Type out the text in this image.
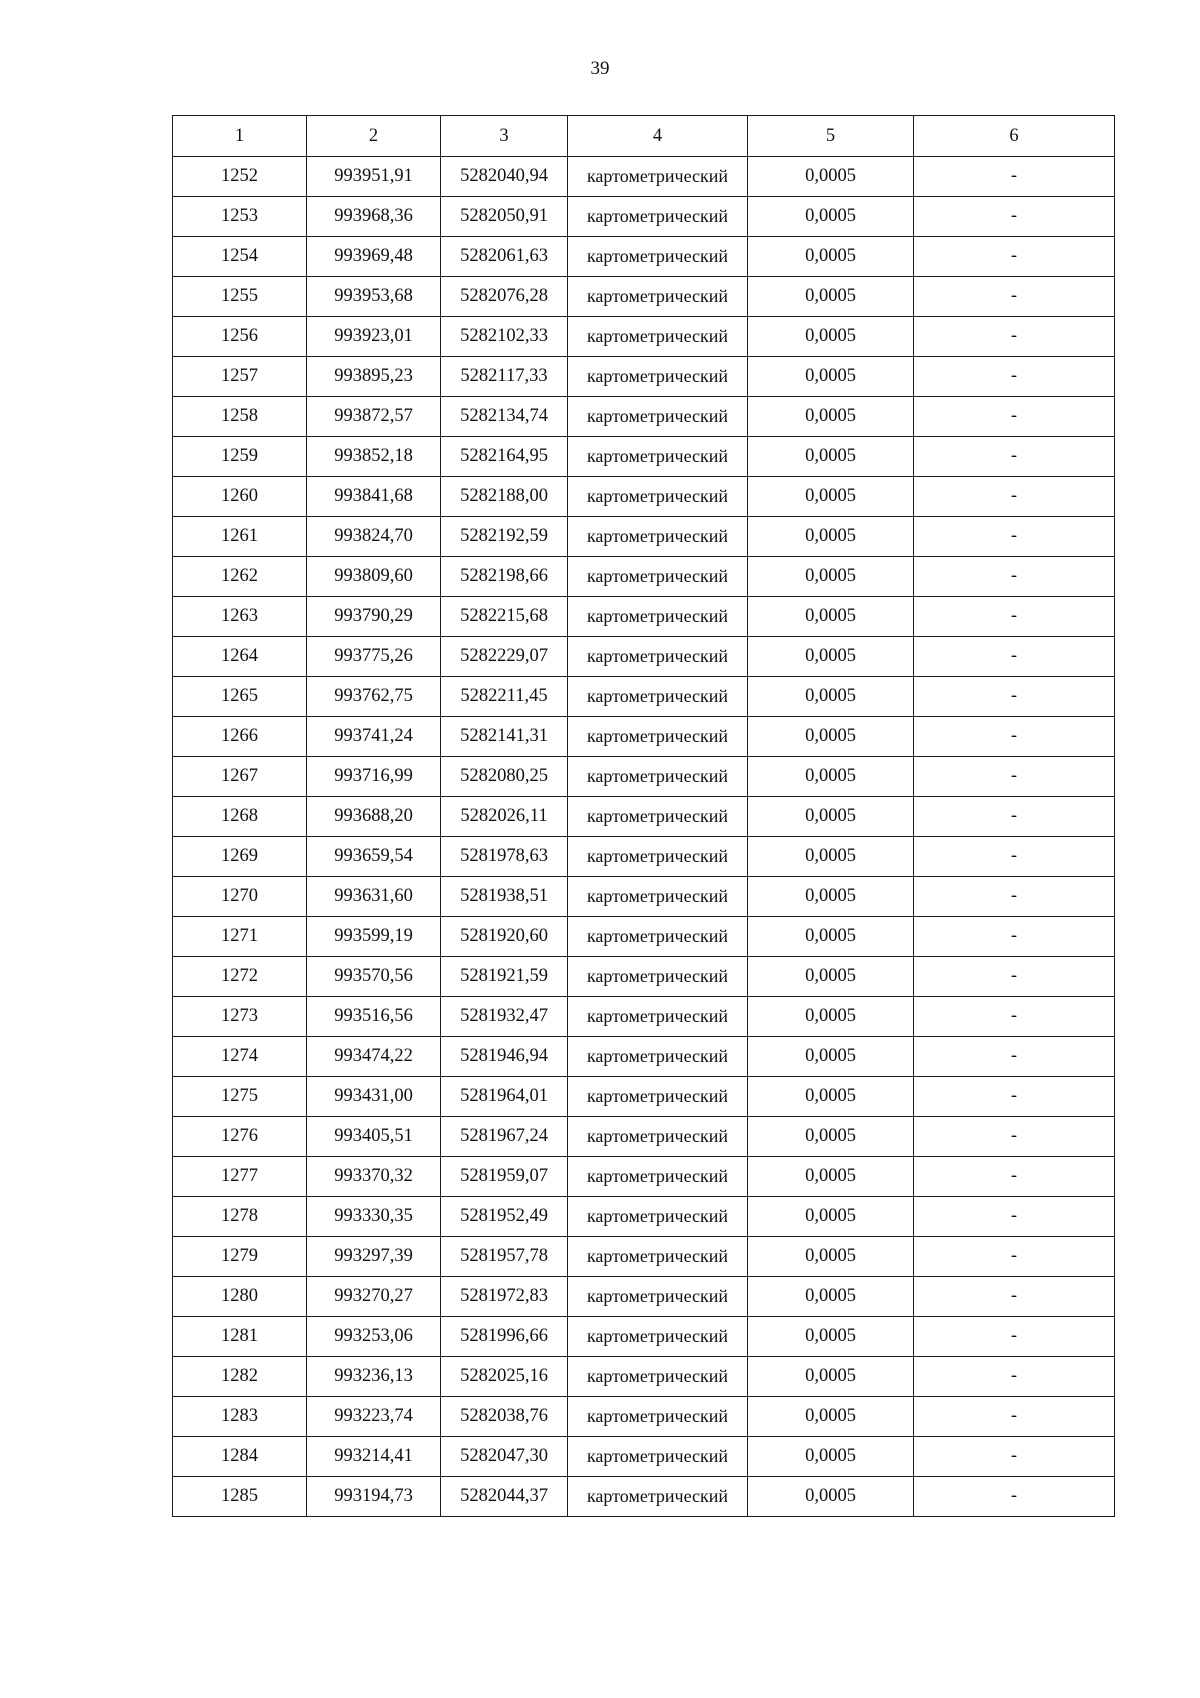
39
1	2	3	4	5	6
1252	993951,91	5282040,94	картометрический	0,0005	-
1253	993968,36	5282050,91	картометрический	0,0005	-
1254	993969,48	5282061,63	картометрический	0,0005	-
1255	993953,68	5282076,28	картометрический	0,0005	-
1256	993923,01	5282102,33	картометрический	0,0005	-
1257	993895,23	5282117,33	картометрический	0,0005	-
1258	993872,57	5282134,74	картометрический	0,0005	-
1259	993852,18	5282164,95	картометрический	0,0005	-
1260	993841,68	5282188,00	картометрический	0,0005	-
1261	993824,70	5282192,59	картометрический	0,0005	-
1262	993809,60	5282198,66	картометрический	0,0005	-
1263	993790,29	5282215,68	картометрический	0,0005	-
1264	993775,26	5282229,07	картометрический	0,0005	-
1265	993762,75	5282211,45	картометрический	0,0005	-
1266	993741,24	5282141,31	картометрический	0,0005	-
1267	993716,99	5282080,25	картометрический	0,0005	-
1268	993688,20	5282026,11	картометрический	0,0005	-
1269	993659,54	5281978,63	картометрический	0,0005	-
1270	993631,60	5281938,51	картометрический	0,0005	-
1271	993599,19	5281920,60	картометрический	0,0005	-
1272	993570,56	5281921,59	картометрический	0,0005	-
1273	993516,56	5281932,47	картометрический	0,0005	-
1274	993474,22	5281946,94	картометрический	0,0005	-
1275	993431,00	5281964,01	картометрический	0,0005	-
1276	993405,51	5281967,24	картометрический	0,0005	-
1277	993370,32	5281959,07	картометрический	0,0005	-
1278	993330,35	5281952,49	картометрический	0,0005	-
1279	993297,39	5281957,78	картометрический	0,0005	-
1280	993270,27	5281972,83	картометрический	0,0005	-
1281	993253,06	5281996,66	картометрический	0,0005	-
1282	993236,13	5282025,16	картометрический	0,0005	-
1283	993223,74	5282038,76	картометрический	0,0005	-
1284	993214,41	5282047,30	картометрический	0,0005	-
1285	993194,73	5282044,37	картометрический	0,0005	-
